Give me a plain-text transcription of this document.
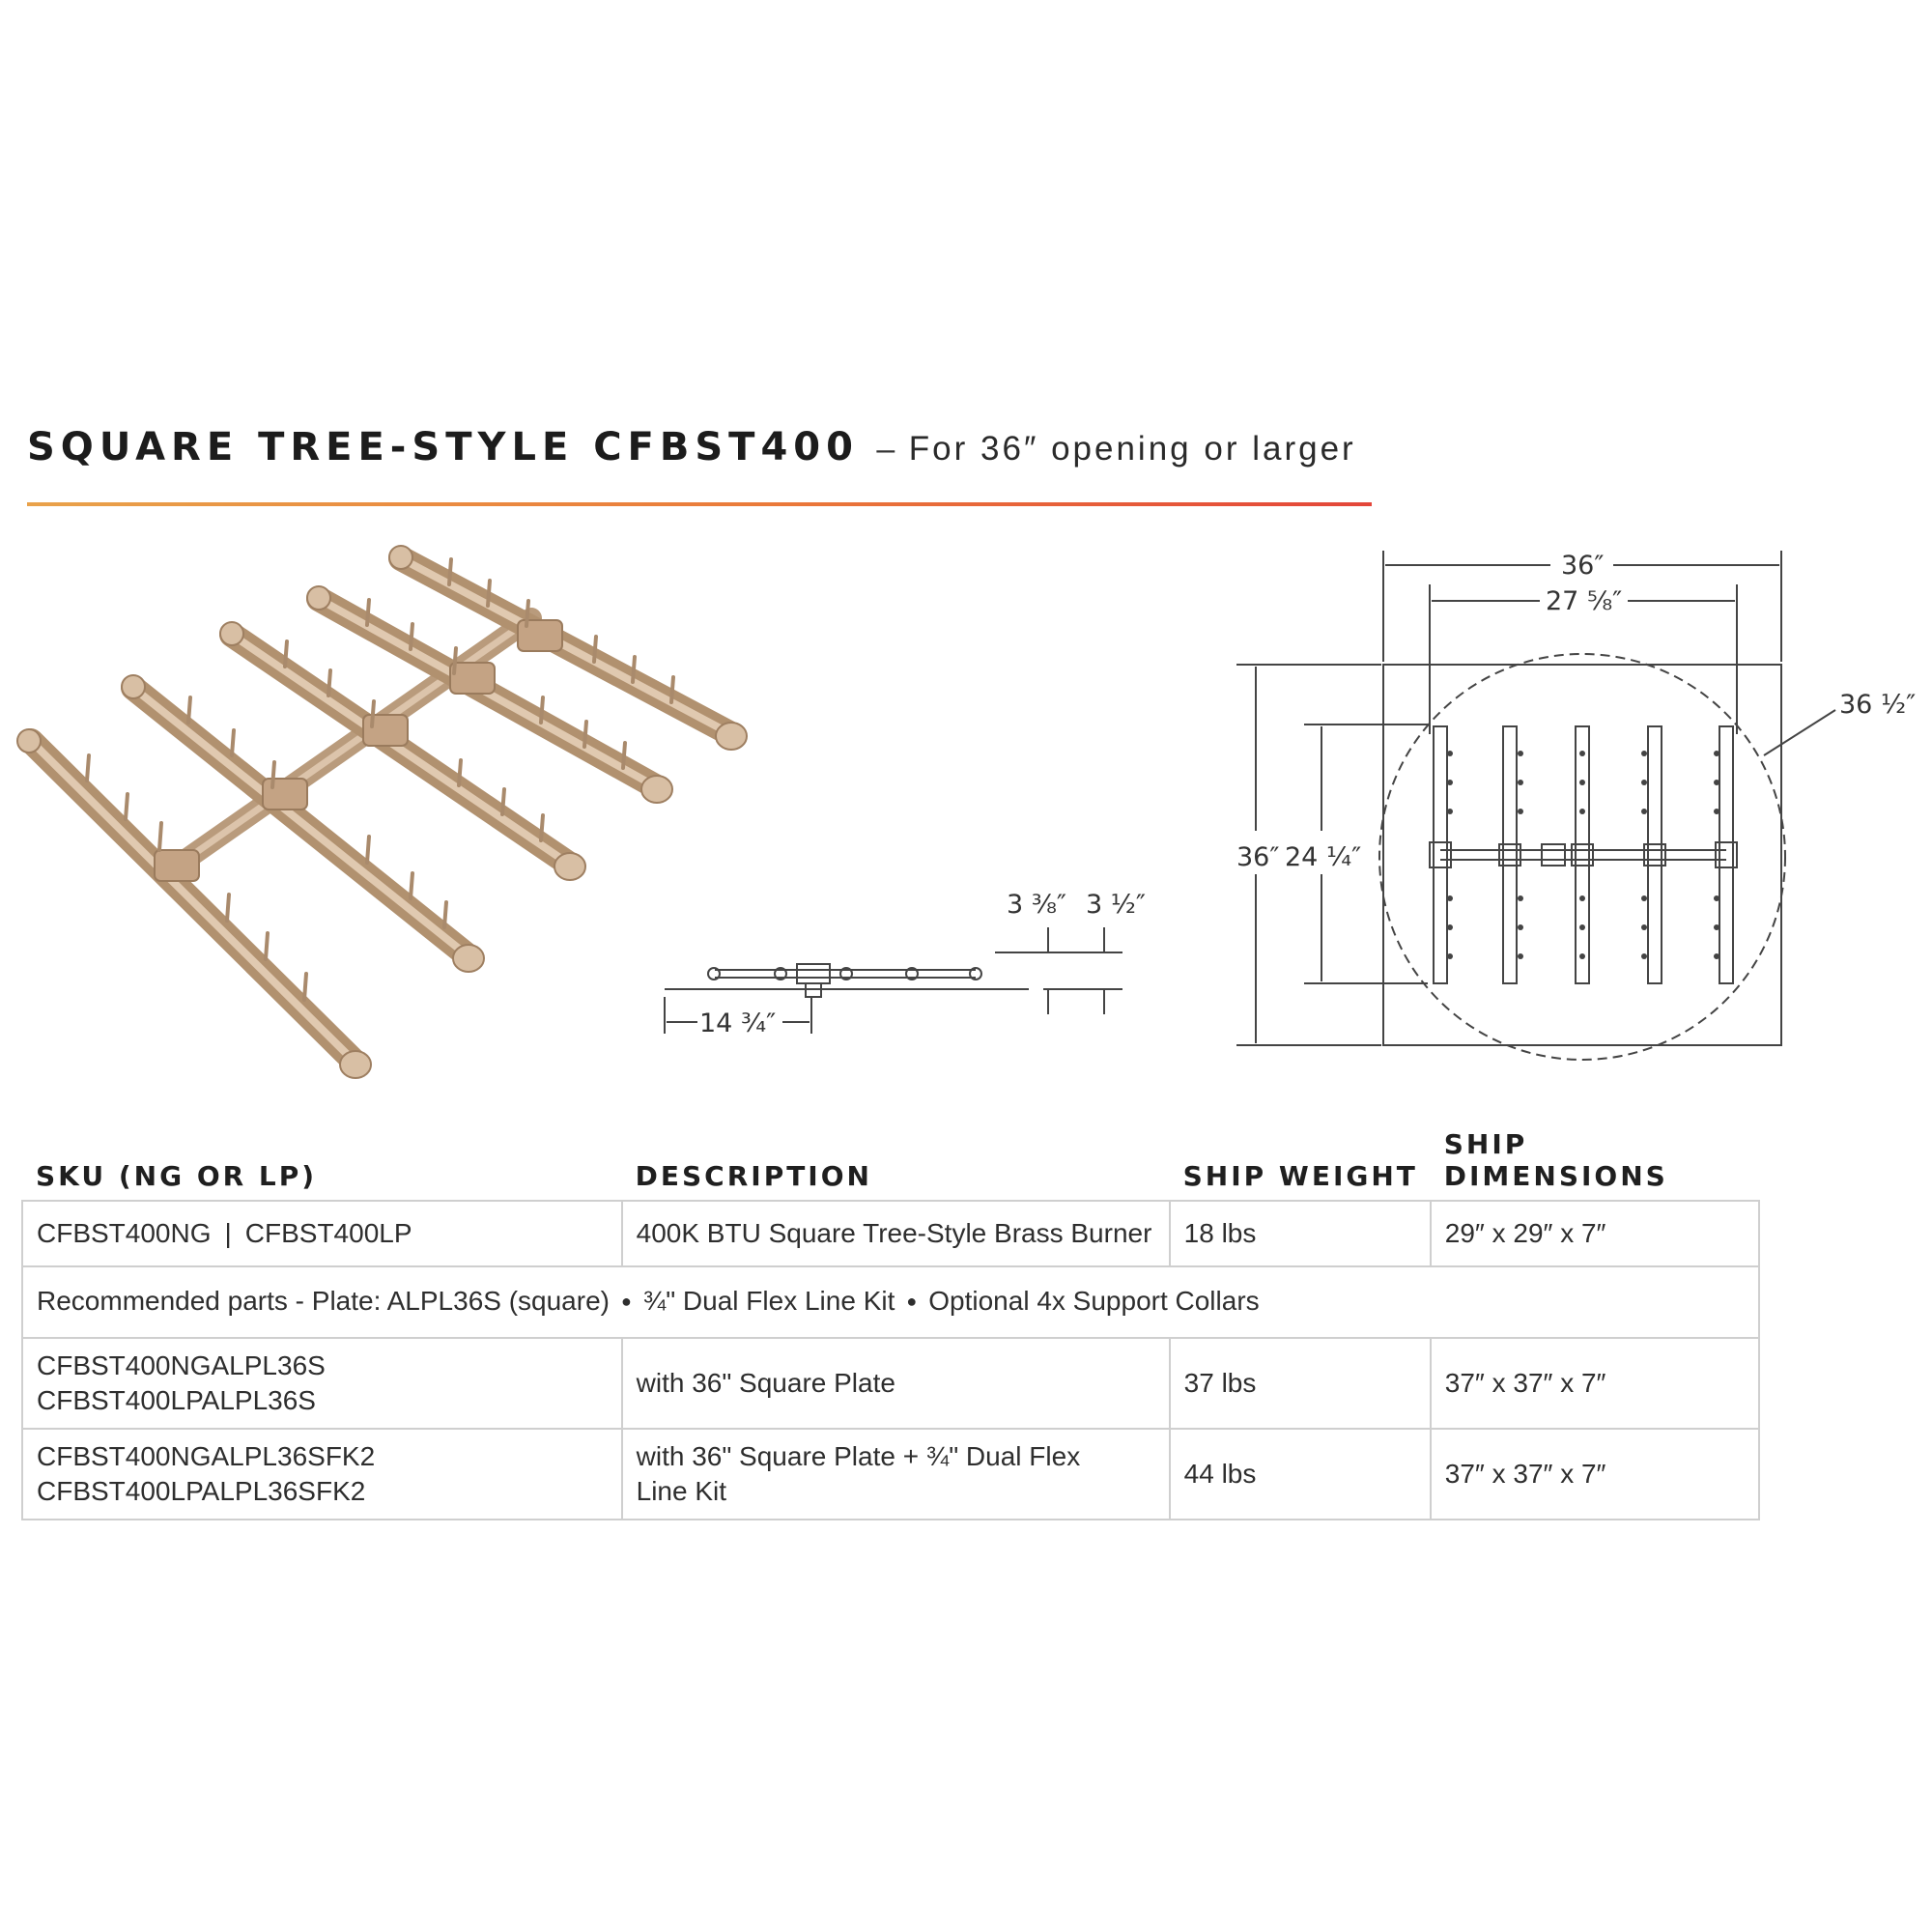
SQUARE TREE-STYLE CFBST400 – For 36″ opening or larger
3 ⅜″ 3 ½″
14 ¾″
36″
27 ⅝″
36 ½″
36″ 24 ¼″
SKU (NG OR LP)	DESCRIPTION	SHIP WEIGHT	SHIP DIMENSIONS
CFBST400NG | CFBST400LP	400K BTU Square Tree-Style Brass Burner	18 lbs	29″ x 29″ x 7″
Recommended parts - Plate: ALPL36S (square) ● ¾" Dual Flex Line Kit ● Optional 4x Support Collars			

CFBST400NGALPL36S
CFBST400LPALPL36S	with 36" Square Plate	37 lbs	37″ x 37″ x 7″

CFBST400NGALPL36SFK2
CFBST400LPALPL36SFK2	with 36" Square Plate + ¾" Dual Flex
Line Kit	44 lbs	37″ x 37″ x 7″
